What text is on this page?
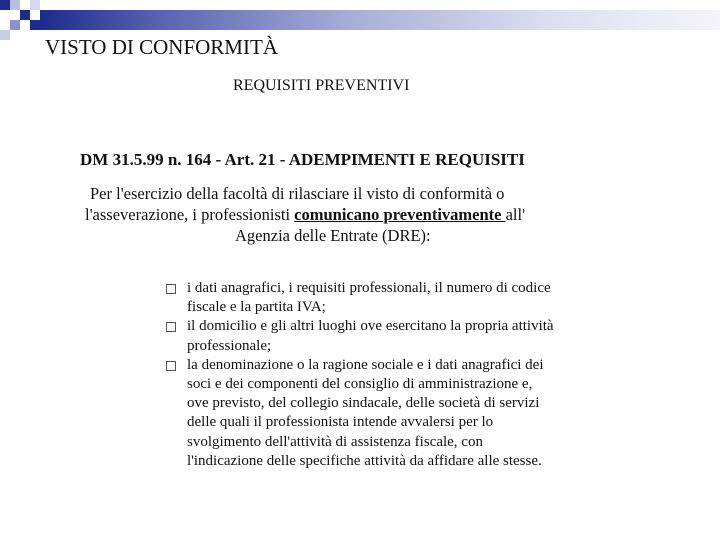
VISTO DI CONFORMITÀ
REQUISITI PREVENTIVI
DM 31.5.99 n. 164 - Art. 21 - ADEMPIMENTI E REQUISITI
Per l'esercizio della facoltà di rilasciare il visto di conformità o
l'asseverazione, i professionisti comunicano preventivamente all'
Agenzia delle Entrate (DRE):
i dati anagrafici, i requisiti professionali, il numero di codice
fiscale e la partita IVA;
il domicilio e gli altri luoghi ove esercitano la propria attività
professionale;
la denominazione o la ragione sociale e i dati anagrafici dei
soci e dei componenti del consiglio di amministrazione e,
ove previsto, del collegio sindacale, delle società di servizi
delle quali il professionista intende avvalersi per lo
svolgimento dell'attività di assistenza fiscale, con
l'indicazione delle specifiche attività da affidare alle stesse.
